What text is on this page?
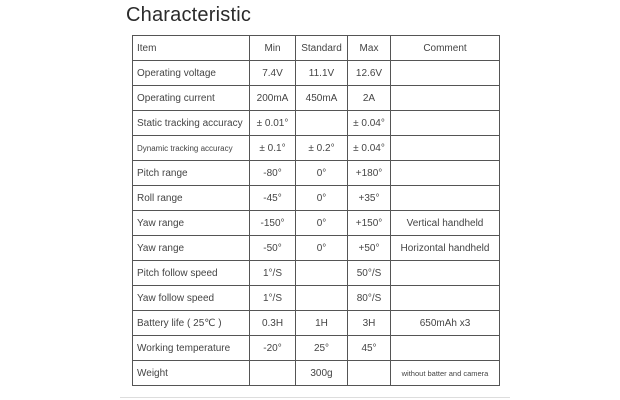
Characteristic
Item	Min	Standard	Max	Comment
Operating voltage	7.4V	11.1V	12.6V	
Operating current	200mA	450mA	2A	
Static tracking accuracy	± 0.01°		± 0.04°	
Dynamic tracking accuracy	± 0.1°	± 0.2°	± 0.04°	
Pitch range	-80°	0°	+180°	
Roll range	-45°	0°	+35°	
Yaw range	-150°	0°	+150°	Vertical handheld
Yaw range	-50°	0°	+50°	Horizontal handheld
Pitch follow speed	1°/S		50°/S	
Yaw follow speed	1°/S		80°/S	
Battery life ( 25℃ )	0.3H	1H	3H	650mAh x3
Working temperature	-20°	25°	45°	
Weight		300g		without batter and camera
